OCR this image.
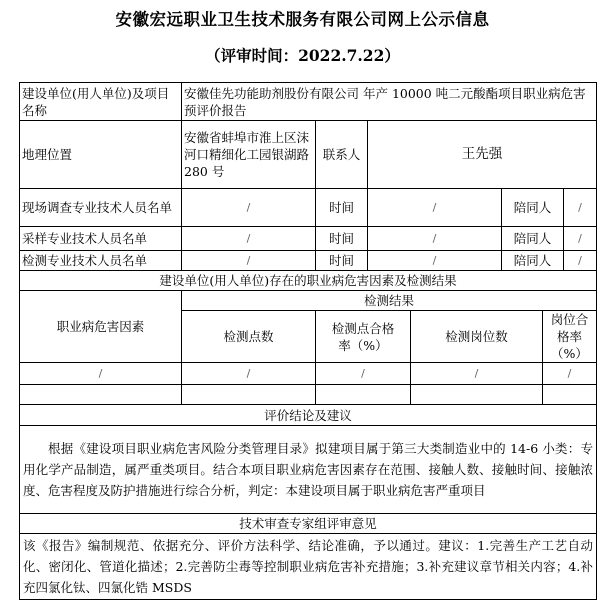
安徽宏远职业卫生技术服务有限公司网上公示信息
（评审时间：2022.7.22）
建设单位(用人单位)及项目名称	安徽佳先功能助剂股份有限公司 年产 10000 吨二元酸酯项目职业病危害预评价报告						
地理位置	安徽省蚌埠市淮上区沫河口精细化工园银湖路 280 号	联系人	王先强				
现场调查专业技术人员名单	/	时间	/		陪同人		/
采样专业技术人员名单	/	时间	/		陪同人		/
检测专业技术人员名单	/	时间	/		陪同人		/
建设单位(用人单位)存在的职业病危害因素及检测结果							
职业病危害因素	检测结果						
	检测点数	检测点合格率（%）		检测岗位数		岗位合格率（%）	
/	/	/		/		/	

评价结论及建议							
根据《建设项目职业病危害风险分类管理目录》拟建项目属于第三大类制造业中的 14-6 小类：专用化学产品制造，属严重类项目。结合本项目职业病危害因素存在范围、接触人数、接触时间、接触浓度、危害程度及防护措施进行综合分析，判定：本建设项目属于职业病危害严重项目							
技术审查专家组评审意见							
该《报告》编制规范、依据充分、评价方法科学、结论准确，予以通过。建议：1.完善生产工艺自动化、密闭化、管道化描述；2.完善防尘毒等控制职业病危害补充措施；3.补充建议章节相关内容；4.补充四氯化钛、四氯化锆 MSDS							
